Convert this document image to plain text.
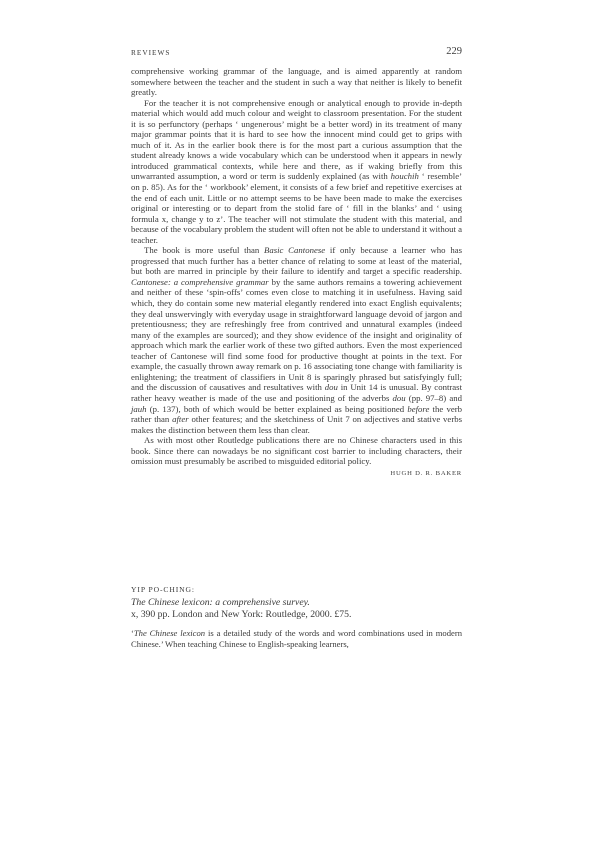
REVIEWS	229

comprehensive working grammar of the language, and is aimed apparently at random somewhere between the teacher and the student in such a way that neither is likely to benefit greatly.

For the teacher it is not comprehensive enough or analytical enough to provide in-depth material which would add much colour and weight to classroom presentation. For the student it is so perfunctory (perhaps ‘ ungenerous’ might be a better word) in its treatment of many major grammar points that it is hard to see how the innocent mind could get to grips with much of it. As in the earlier book there is for the most part a curious assumption that the student already knows a wide vocabulary which can be understood when it appears in newly introduced grammatical contexts, while here and there, as if waking briefly from this unwarranted assumption, a word or term is suddenly explained (as with houchih ‘ resemble’ on p. 85). As for the ‘ workbook’ element, it consists of a few brief and repetitive exercises at the end of each unit. Little or no attempt seems to be have been made to make the exercises original or interesting or to depart from the stolid fare of ‘ fill in the blanks’ and ‘ using formula x, change y to z’. The teacher will not stimulate the student with this material, and because of the vocabulary problem the student will often not be able to understand it without a teacher.

The book is more useful than Basic Cantonese if only because a learner who has progressed that much further has a better chance of relating to some at least of the material, but both are marred in principle by their failure to identify and target a specific readership. Cantonese: a comprehensive grammar by the same authors remains a towering achievement and neither of these ‘spin-offs’ comes even close to matching it in usefulness. Having said which, they do contain some new material elegantly rendered into exact English equivalents; they deal unswervingly with everyday usage in straightforward language devoid of jargon and pretentiousness; they are refreshingly free from contrived and unnatural examples (indeed many of the examples are sourced); and they show evidence of the insight and originality of approach which mark the earlier work of these two gifted authors. Even the most experienced teacher of Cantonese will find some food for productive thought at points in the text. For example, the casually thrown away remark on p. 16 associating tone change with familiarity is enlightening; the treatment of classifiers in Unit 8 is sparingly phrased but satisfyingly full; and the discussion of causatives and resultatives with dou in Unit 14 is unusual. By contrast rather heavy weather is made of the use and positioning of the adverbs dou (pp. 97–8) and jauh (p. 137), both of which would be better explained as being positioned before the verb rather than after other features; and the sketchiness of Unit 7 on adjectives and stative verbs makes the distinction between them less than clear.

As with most other Routledge publications there are no Chinese characters used in this book. Since there can nowadays be no significant cost barrier to including characters, their omission must presumably be ascribed to misguided editorial policy.

HUGH D. R. BAKER
YIP PO-CHING:
The Chinese lexicon: a comprehensive survey.
x, 390 pp. London and New York: Routledge, 2000. £75.

‘The Chinese lexicon is a detailed study of the words and word combinations used in modern Chinese.’ When teaching Chinese to English-speaking learners,
